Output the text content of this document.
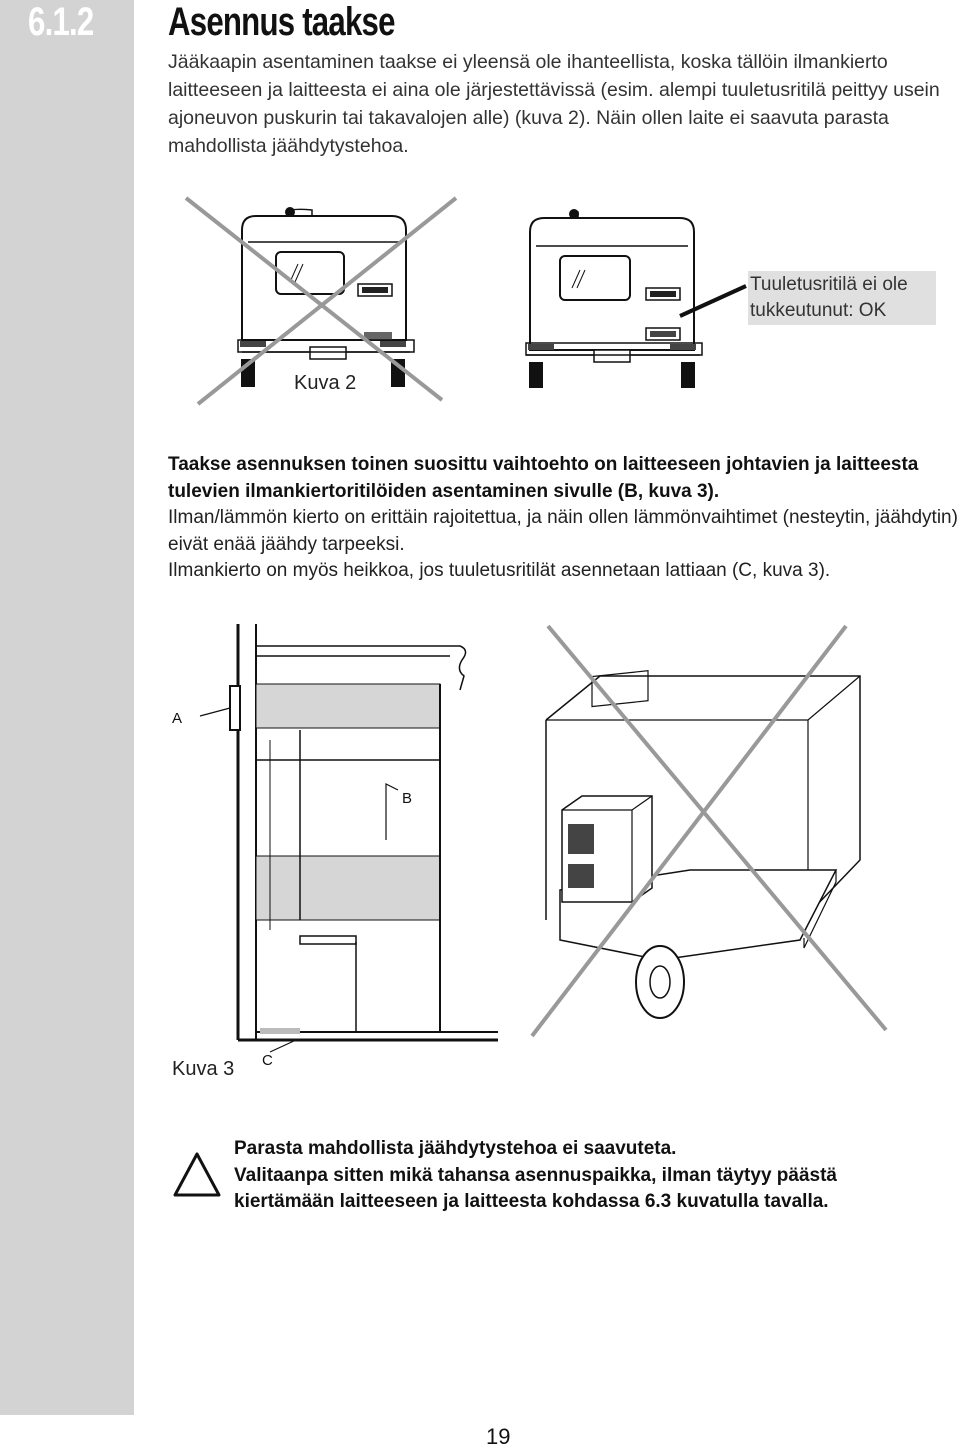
6.1.2 Asennus taakse
Jääkaapin asentaminen taakse ei yleensä ole ihanteellista, koska tällöin ilmankierto laitteeseen ja laitteesta ei aina ole järjestettävissä (esim. alempi tuuletusritilä peittyy usein ajoneuvon puskurin tai takavalojen alle) (kuva 2). Näin ollen laite ei saavuta parasta mahdollista jäähdytystehoa.
Kuva 2
Tuuletusritilä ei ole tukkeutunut: OK
Taakse asennuksen toinen suosittu vaihtoehto on laitteeseen johtavien ja laitteesta tulevien ilmankiertoritilöiden asentaminen sivulle (B, kuva 3).
Ilman/lämmön kierto on erittäin rajoitettua, ja näin ollen lämmönvaihtimet (nesteytin, jäähdytin) eivät enää jäähdy tarpeeksi.
Ilmankierto on myös heikkoa, jos tuuletusritilät asennetaan lattiaan (C, kuva 3).
A
B
C
Kuva 3
Parasta mahdollista jäähdytystehoa ei saavuteta.
Valitaanpa sitten mikä tahansa asennuspaikka, ilman täytyy päästä kiertämään laitteeseen ja laitteesta kohdassa 6.3 kuvatulla tavalla.
19
